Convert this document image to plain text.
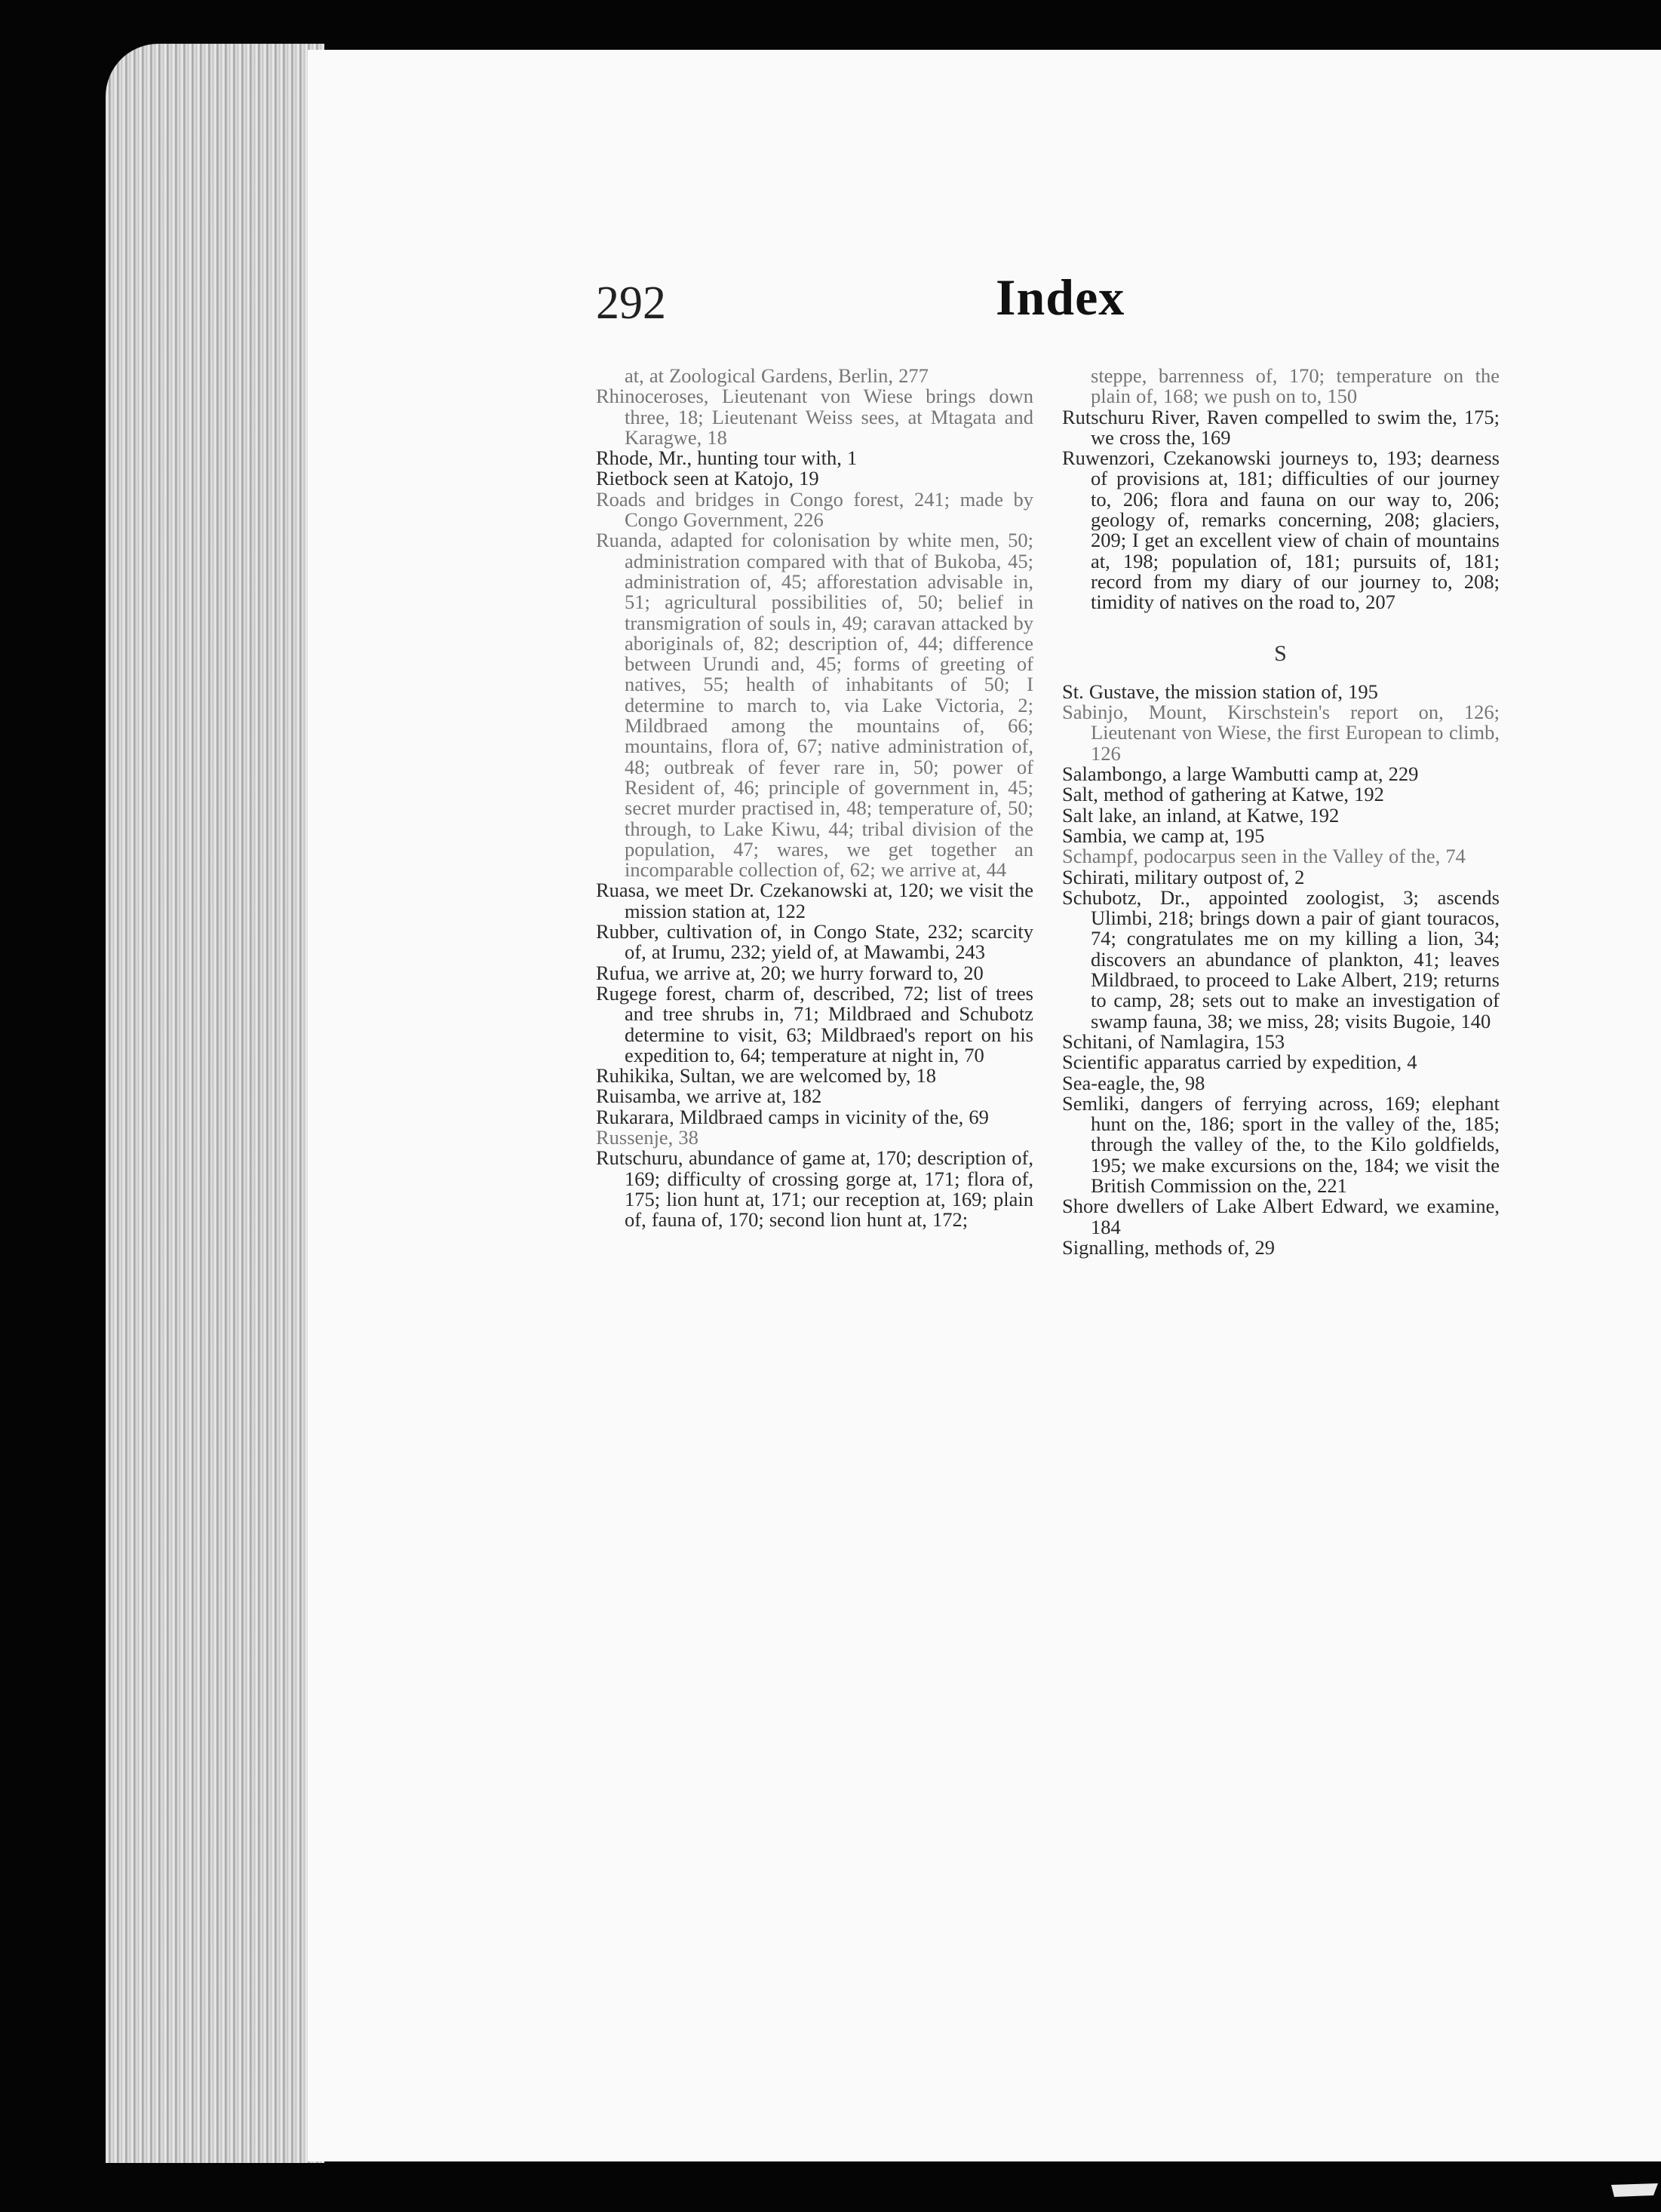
292	Index
at, at Zoological Gardens, Berlin, 277
Rhinoceroses, Lieutenant von Wiese brings down three, 18; Lieutenant Weiss sees, at Mtagata and Karagwe, 18
Rhode, Mr., hunting tour with, 1
Rietbock seen at Katojo, 19
Roads and bridges in Congo forest, 241; made by Congo Government, 226
Ruanda, adapted for colonisation by white men, 50; administration compared with that of Bukoba, 45; administration of, 45; afforestation advisable in, 51; agricultural possibilities of, 50; belief in transmigration of souls in, 49; caravan attacked by aboriginals of, 82; description of, 44; difference between Urundi and, 45; forms of greeting of natives, 55; health of inhabitants of 50; I determine to march to, via Lake Victoria, 2; Mildbraed among the mountains of, 66; mountains, flora of, 67; native administration of, 48; outbreak of fever rare in, 50; power of Resident of, 46; principle of government in, 45; secret murder practised in, 48; temperature of, 50; through, to Lake Kiwu, 44; tribal division of the population, 47; wares, we get together an incomparable collection of, 62; we arrive at, 44
Ruasa, we meet Dr. Czekanowski at, 120; we visit the mission station at, 122
Rubber, cultivation of, in Congo State, 232; scarcity of, at Irumu, 232; yield of, at Mawambi, 243
Rufua, we arrive at, 20; we hurry forward to, 20
Rugege forest, charm of, described, 72; list of trees and tree shrubs in, 71; Mildbraed and Schubotz determine to visit, 63; Mildbraed's report on his expedition to, 64; temperature at night in, 70
Ruhikika, Sultan, we are welcomed by, 18
Ruisamba, we arrive at, 182
Rukarara, Mildbraed camps in vicinity of the, 69
Russenje, 38
Rutschuru, abundance of game at, 170; description of, 169; difficulty of crossing gorge at, 171; flora of, 175; lion hunt at, 171; our reception at, 169; plain of, fauna of, 170; second lion hunt at, 172;
steppe, barrenness of, 170; temperature on the plain of, 168; we push on to, 150
Rutschuru River, Raven compelled to swim the, 175; we cross the, 169
Ruwenzori, Czekanowski journeys to, 193; dearness of provisions at, 181; difficulties of our journey to, 206; flora and fauna on our way to, 206; geology of, remarks concerning, 208; glaciers, 209; I get an excellent view of chain of mountains at, 198; population of, 181; pursuits of, 181; record from my diary of our journey to, 208; timidity of natives on the road to, 207
S
St. Gustave, the mission station of, 195
Sabinjo, Mount, Kirschstein's report on, 126; Lieutenant von Wiese, the first European to climb, 126
Salambongo, a large Wambutti camp at, 229
Salt, method of gathering at Katwe, 192
Salt lake, an inland, at Katwe, 192
Sambia, we camp at, 195
Schampf, podocarpus seen in the Valley of the, 74
Schirati, military outpost of, 2
Schubotz, Dr., appointed zoologist, 3; ascends Ulimbi, 218; brings down a pair of giant touracos, 74; congratulates me on my killing a lion, 34; discovers an abundance of plankton, 41; leaves Mildbraed, to proceed to Lake Albert, 219; returns to camp, 28; sets out to make an investigation of swamp fauna, 38; we miss, 28; visits Bugoie, 140
Schitani, of Namlagira, 153
Scientific apparatus carried by expedition, 4
Sea-eagle, the, 98
Semliki, dangers of ferrying across, 169; elephant hunt on the, 186; sport in the valley of the, 185; through the valley of the, to the Kilo goldfields, 195; we make excursions on the, 184; we visit the British Commission on the, 221
Shore dwellers of Lake Albert Edward, we examine, 184
Signalling, methods of, 29
